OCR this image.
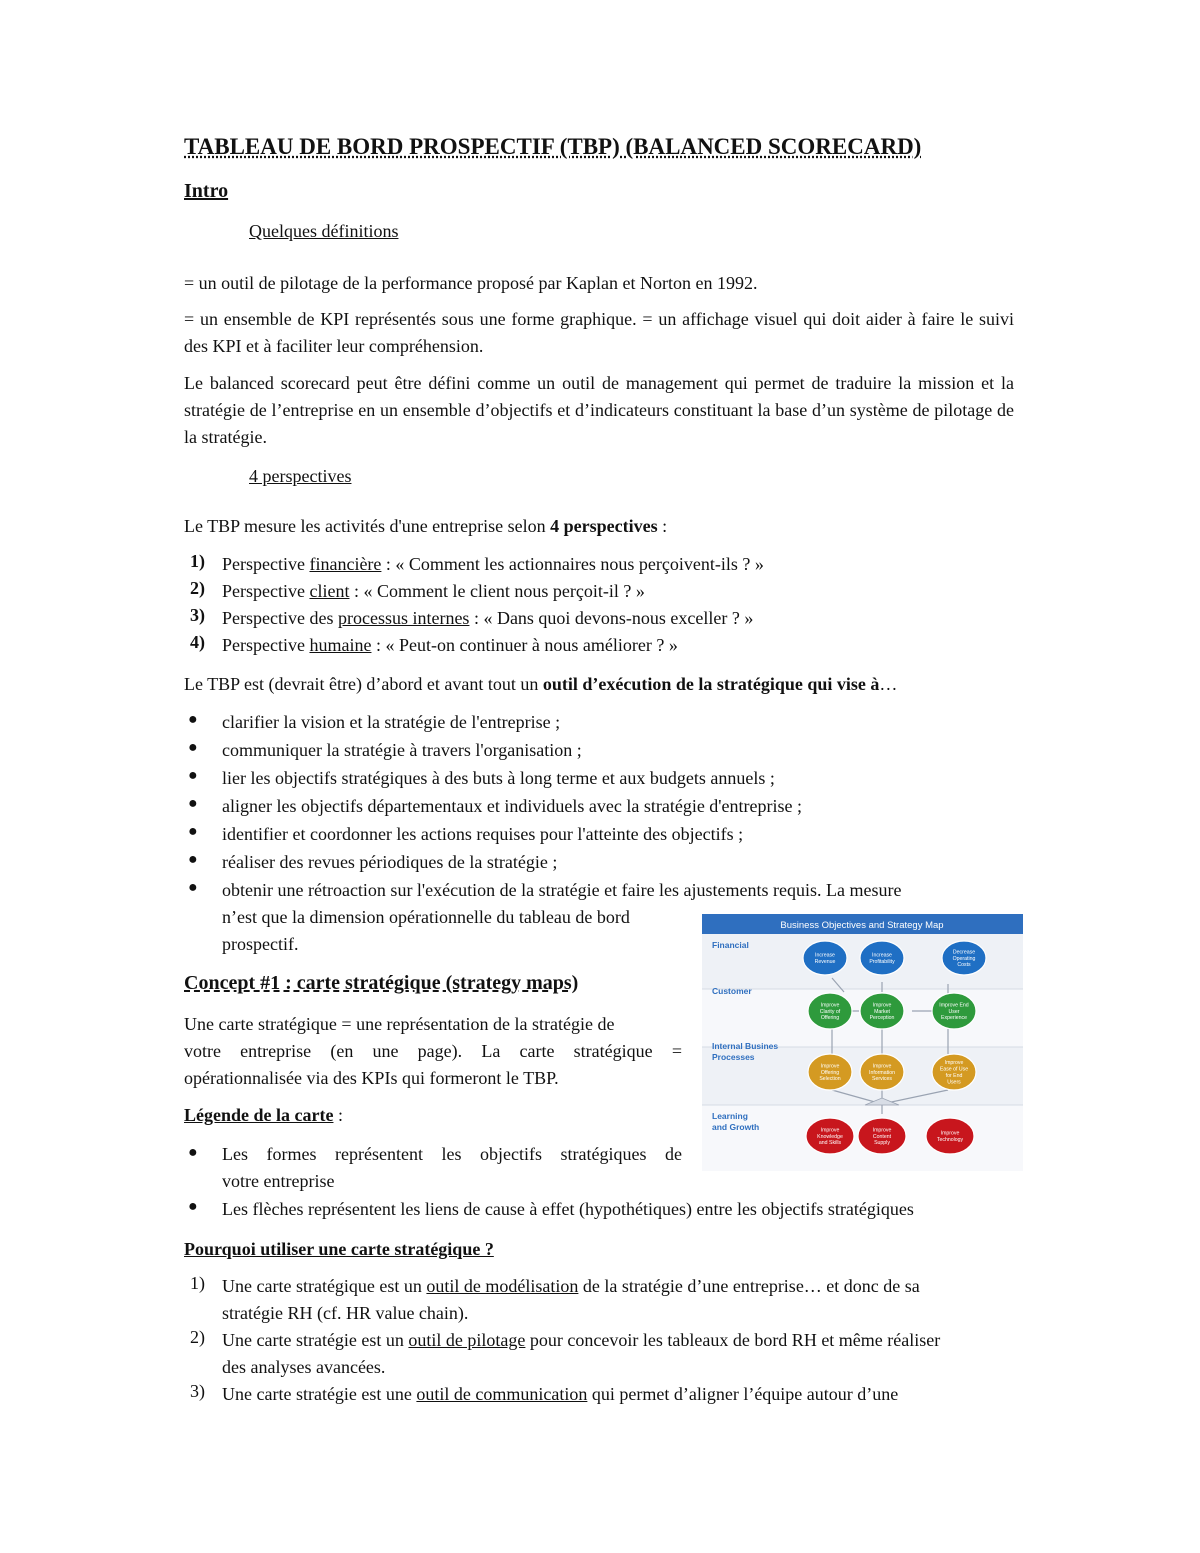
TABLEAU DE BORD PROSPECTIF (TBP) (BALANCED SCORECARD)
Intro
Quelques définitions
= un outil de pilotage de la performance proposé par Kaplan et Norton en 1992.
= un ensemble de KPI représentés sous une forme graphique. = un affichage visuel qui doit aider à faire le suivi des KPI et à faciliter leur compréhension.
Le balanced scorecard peut être défini comme un outil de management qui permet de traduire la mission et la stratégie de l’entreprise en un ensemble d’objectifs et d’indicateurs constituant la base d’un système de pilotage de la stratégie.
4 perspectives
Le TBP mesure les activités d'une entreprise selon 4 perspectives :
1) Perspective financière : « Comment les actionnaires nous perçoivent-ils ? »
2) Perspective client : « Comment le client nous perçoit-il ? »
3) Perspective des processus internes : « Dans quoi devons-nous exceller ? »
4) Perspective humaine : « Peut-on continuer à nous améliorer ? »
Le TBP est (devrait être) d’abord et avant tout un outil d’exécution de la stratégique qui vise à…
● clarifier la vision et la stratégie de l'entreprise ;
● communiquer la stratégie à travers l'organisation ;
● lier les objectifs stratégiques à des buts à long terme et aux budgets annuels ;
● aligner les objectifs départementaux et individuels avec la stratégie d'entreprise ;
● identifier et coordonner les actions requises pour l'atteinte des objectifs ;
● réaliser des revues périodiques de la stratégie ;
● obtenir une rétroaction sur l'exécution de la stratégie et faire les ajustements requis. La mesure
n’est que la dimension opérationnelle du tableau de bord
prospectif.
Concept #1 : carte stratégique (strategy maps)
Une carte stratégique = une représentation de la stratégie de
votre entreprise (en une page). La carte stratégique =
opérationnalisée via des KPIs qui formeront le TBP.
Légende de la carte :
● Les formes représentent les objectifs stratégiques de
votre entreprise
● Les flèches représentent les liens de cause à effet (hypothétiques) entre les objectifs stratégiques
Pourquoi utiliser une carte stratégique ?
1) Une carte stratégique est un outil de modélisation de la stratégie d’une entreprise… et donc de sa
stratégie RH (cf. HR value chain).
2) Une carte stratégie est un outil de pilotage pour concevoir les tableaux de bord RH et même réaliser
des analyses avancées.
3) Une carte stratégie est une outil de communication qui permet d’aligner l’équipe autour d’une
Business Objectives and Strategy Map
Financial
Customer
Internal Busines Processes
Learning and Growth
Increase Revenue
Increase Profitability
Decrease Operating Costs
Improve Clarity of Offering
Improve Market Perception
Improve End User Experience
Improve Offering Selection
Improve Information Services
Improve Ease of Use for End Users
Improve Knowledge and Skills
Improve Content Supply
Improve Technology
